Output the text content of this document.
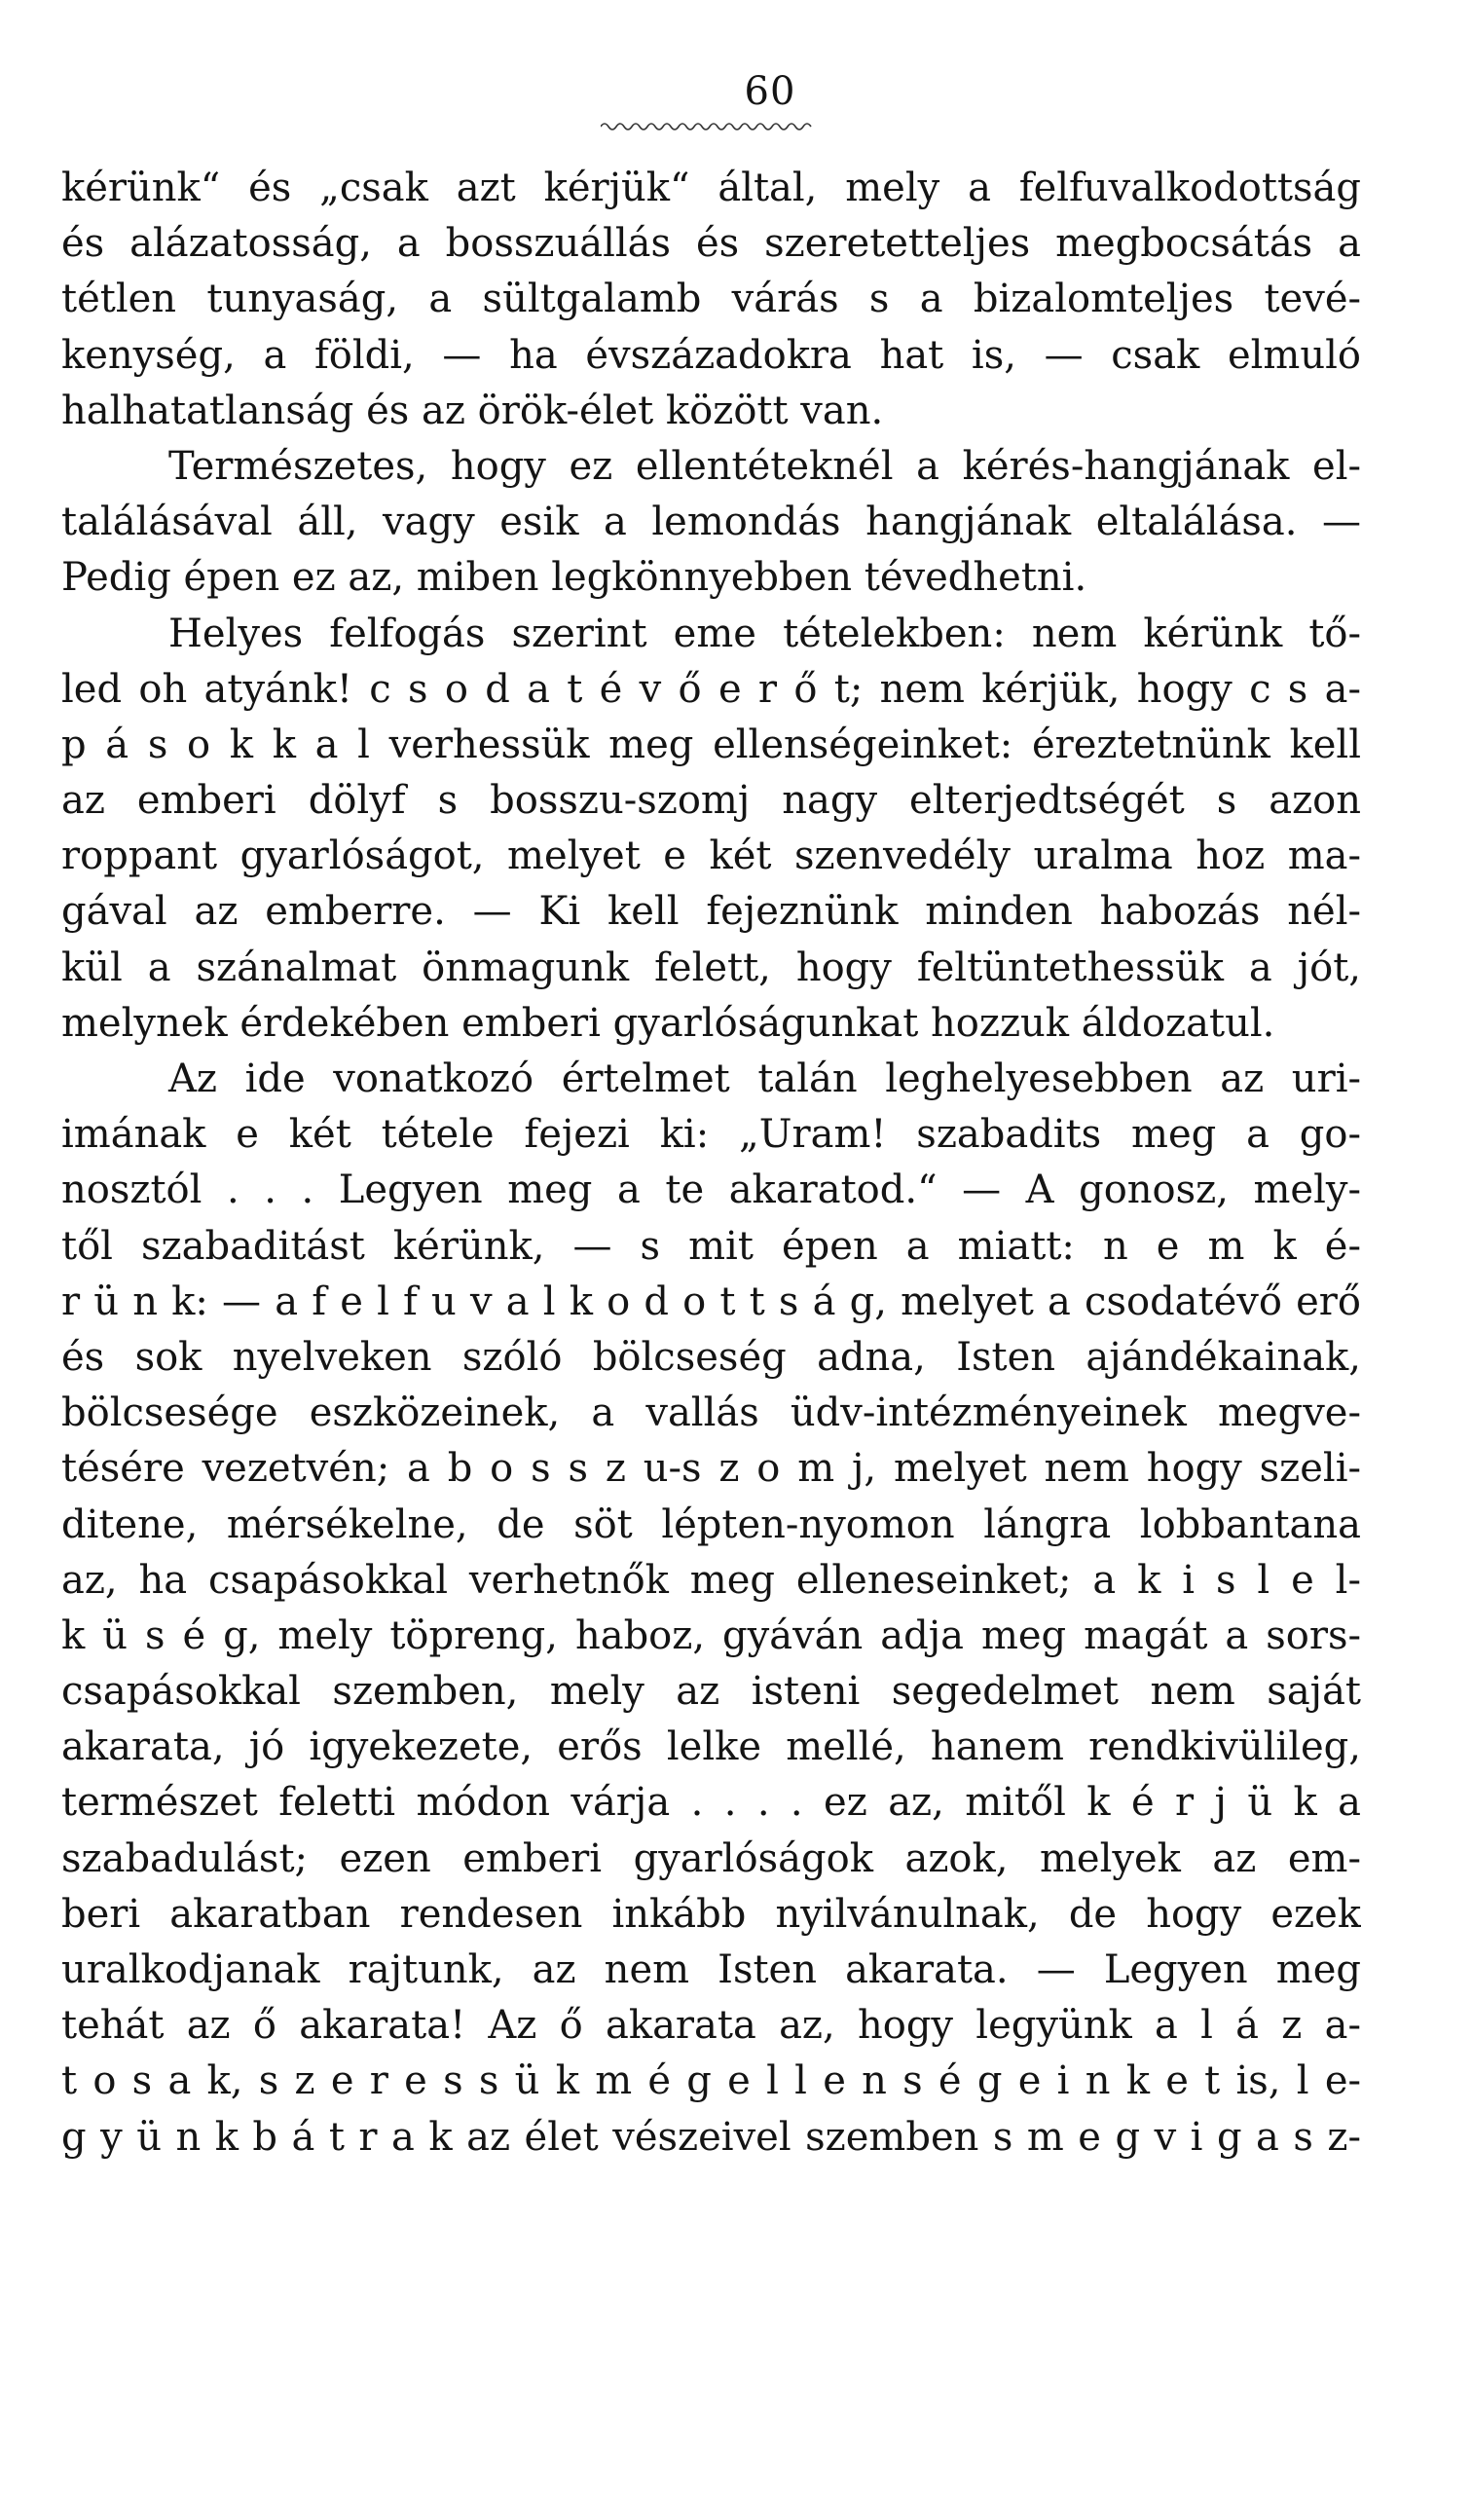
60
kérünk“ és „csak azt kérjük“ által, mely a felfuvalkodottság
és alázatosság, a bosszuállás és szeretetteljes megbocsátás a
tétlen tunyaság, a sültgalamb várás s a bizalomteljes tevé-
kenység, a földi, — ha évszázadokra hat is, — csak elmuló
halhatatlanság és az örök-élet között van.
Természetes, hogy ez ellentéteknél a kérés-hangjának el-
találásával áll, vagy esik a lemondás hangjának eltalálása. —
Pedig épen ez az, miben legkönnyebben tévedhetni.
Helyes felfogás szerint eme tételekben: nem kérünk tő-
led oh atyánk! c s o d a t é v ő e r ő t; nem kérjük, hogy c s a-
p á s o k k a l verhessük meg ellenségeinket: éreztetnünk kell
az emberi dölyf s bosszu-szomj nagy elterjedtségét s azon
roppant gyarlóságot, melyet e két szenvedély uralma hoz ma-
gával az emberre. — Ki kell fejeznünk minden habozás nél-
kül a szánalmat önmagunk felett, hogy feltüntethessük a jót,
melynek érdekében emberi gyarlóságunkat hozzuk áldozatul.
Az ide vonatkozó értelmet talán leghelyesebben az uri-
imának e két tétele fejezi ki: „Uram! szabadits meg a go-
nosztól . . . Legyen meg a te akaratod.“ — A gonosz, mely-
től szabaditást kérünk, — s mit épen a miatt: n e m k é-
r ü n k: — a f e l f u v a l k o d o t t s á g, melyet a csodatévő erő
és sok nyelveken szóló bölcseség adna, Isten ajándékainak,
bölcsesége eszközeinek, a vallás üdv-intézményeinek megve-
tésére vezetvén; a b o s s z u-s z o m j, melyet nem hogy szeli-
ditene, mérsékelne, de söt lépten-nyomon lángra lobbantana
az, ha csapásokkal verhetnők meg elleneseinket; a k i s l e l-
k ü s é g, mely töpreng, haboz, gyáván adja meg magát a sors-
csapásokkal szemben, mely az isteni segedelmet nem saját
akarata, jó igyekezete, erős lelke mellé, hanem rendkivülileg,
természet feletti módon várja . . . . ez az, mitől k é r j ü k a
szabadulást; ezen emberi gyarlóságok azok, melyek az em-
beri akaratban rendesen inkább nyilvánulnak, de hogy ezek
uralkodjanak rajtunk, az nem Isten akarata. — Legyen meg
tehát az ő akarata! Az ő akarata az, hogy legyünk a l á z a-
t o s a k, s z e r e s s ü k m é g e l l e n s é g e i n k e t is, l e-
g y ü n k b á t r a k az élet vészeivel szemben s m e g v i g a s z-
